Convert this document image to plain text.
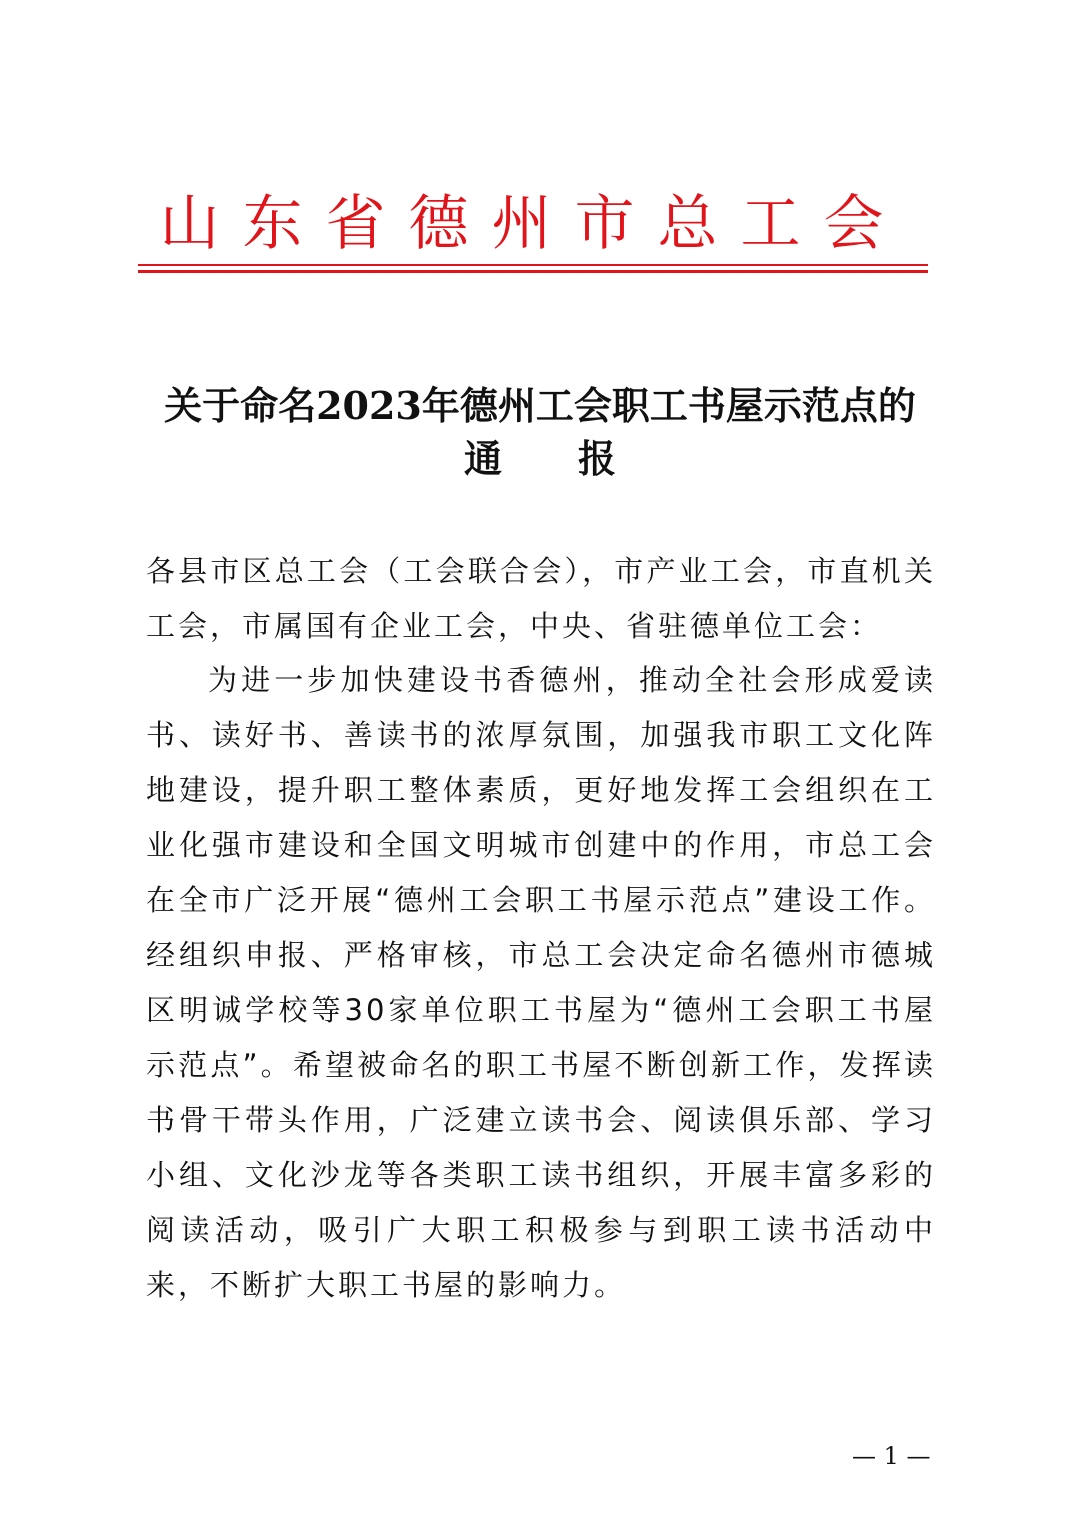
山东省德州市总工会
关于命名2023年德州工会职工书屋示范点的
通报
各县市区总工会（工会联合会），市产业工会，市直机关工会，市属国有企业工会，中央、省驻德单位工会：
为进一步加快建设书香德州，推动全社会形成爱读书、读好书、善读书的浓厚氛围，加强我市职工文化阵地建设，提升职工整体素质，更好地发挥工会组织在工业化强市建设和全国文明城市创建中的作用，市总工会在全市广泛开展“德州工会职工书屋示范点”建设工作。经组织申报、严格审核，市总工会决定命名德州市德城区明诚学校等30家单位职工书屋为“德州工会职工书屋示范点”。希望被命名的职工书屋不断创新工作，发挥读书骨干带头作用，广泛建立读书会、阅读俱乐部、学习小组、文化沙龙等各类职工读书组织，开展丰富多彩的阅读活动，吸引广大职工积极参与到职工读书活动中来，不断扩大职工书屋的影响力。
— 1 —
